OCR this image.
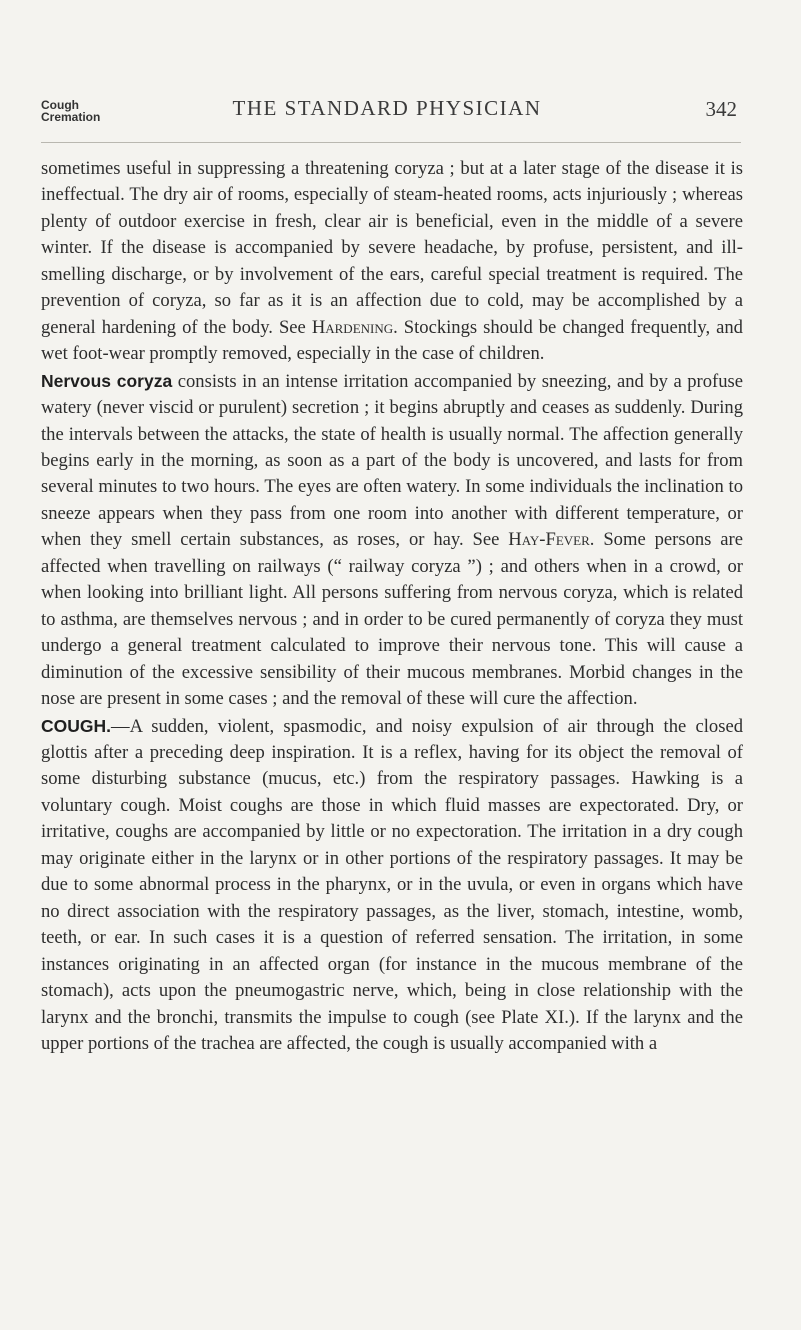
Cough
Cremation	THE STANDARD PHYSICIAN	342

sometimes useful in suppressing a threatening coryza ; but at a later stage of the disease it is ineffectual. The dry air of rooms, especially of steam-heated rooms, acts injuriously ; whereas plenty of outdoor exercise in fresh, clear air is beneficial, even in the middle of a severe winter. If the disease is accompanied by severe headache, by profuse, persistent, and ill-smelling discharge, or by involvement of the ears, careful special treatment is required. The prevention of coryza, so far as it is an affection due to cold, may be accomplished by a general hardening of the body. See Hardening. Stockings should be changed frequently, and wet foot-wear promptly removed, especially in the case of children.

Nervous coryza consists in an intense irritation accompanied by sneezing, and by a profuse watery (never viscid or purulent) secretion ; it begins abruptly and ceases as suddenly. During the intervals between the attacks, the state of health is usually normal. The affection generally begins early in the morning, as soon as a part of the body is uncovered, and lasts for from several minutes to two hours. The eyes are often watery. In some individuals the inclination to sneeze appears when they pass from one room into another with different temperature, or when they smell certain substances, as roses, or hay. See Hay-Fever. Some persons are affected when travelling on railways (“ railway coryza ”) ; and others when in a crowd, or when looking into brilliant light. All persons suffering from nervous coryza, which is related to asthma, are themselves nervous ; and in order to be cured permanently of coryza they must undergo a general treatment calculated to improve their nervous tone. This will cause a diminution of the excessive sensibility of their mucous membranes. Morbid changes in the nose are present in some cases ; and the removal of these will cure the affection.

COUGH.—A sudden, violent, spasmodic, and noisy expulsion of air through the closed glottis after a preceding deep inspiration. It is a reflex, having for its object the removal of some disturbing substance (mucus, etc.) from the respiratory passages. Hawking is a voluntary cough. Moist coughs are those in which fluid masses are expectorated. Dry, or irritative, coughs are accompanied by little or no expectoration. The irritation in a dry cough may originate either in the larynx or in other portions of the respiratory passages. It may be due to some abnormal process in the pharynx, or in the uvula, or even in organs which have no direct association with the respiratory passages, as the liver, stomach, intestine, womb, teeth, or ear. In such cases it is a question of referred sensation. The irritation, in some instances originating in an affected organ (for instance in the mucous membrane of the stomach), acts upon the pneumogastric nerve, which, being in close relationship with the larynx and the bronchi, transmits the impulse to cough (see Plate XI.). If the larynx and the upper portions of the trachea are affected, the cough is usually accompanied with a
